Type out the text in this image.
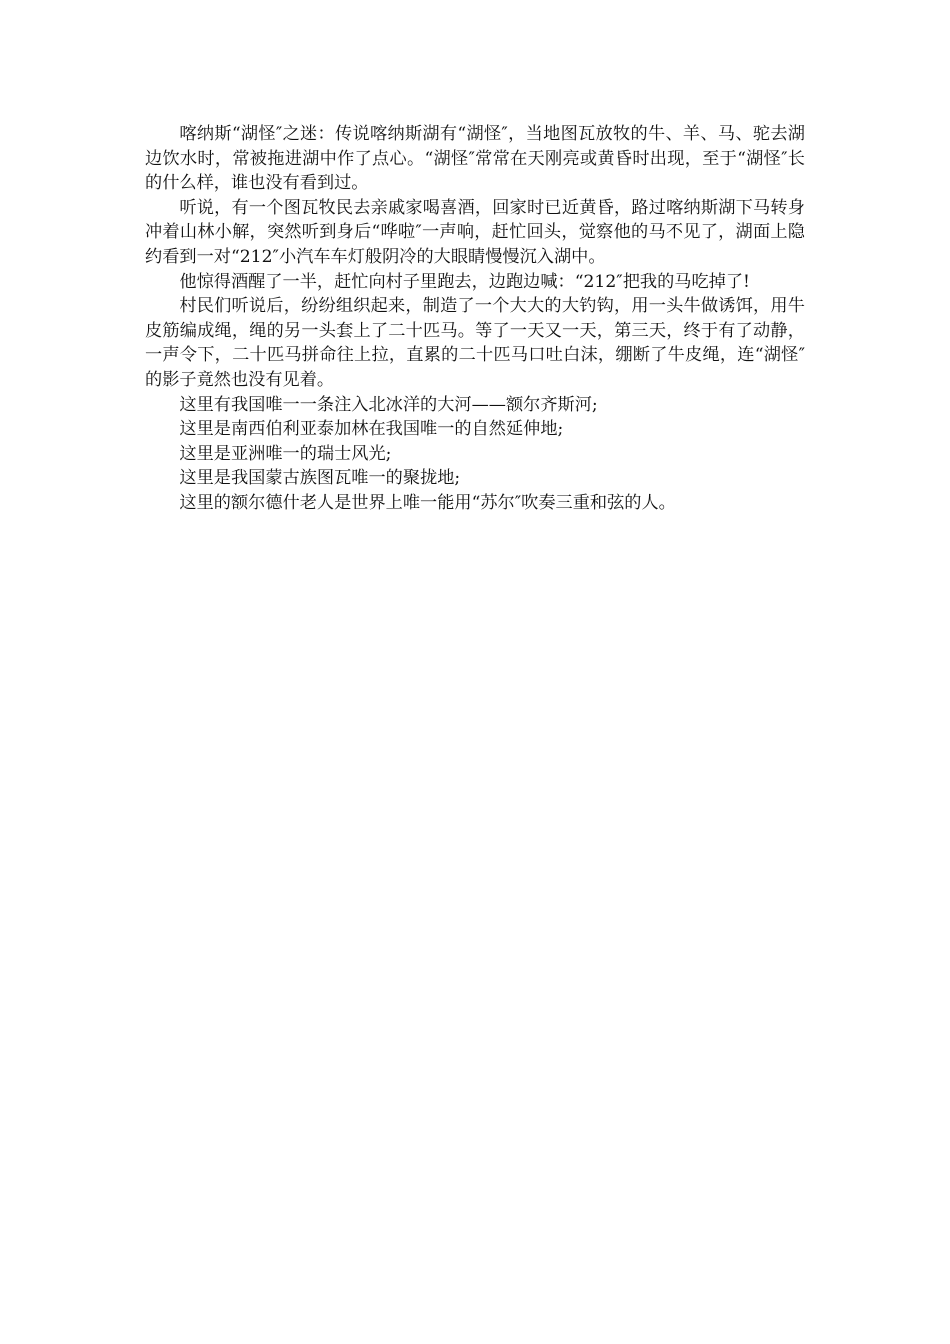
喀纳斯“湖怪″之迷：传说喀纳斯湖有“湖怪″，当地图瓦放牧的牛、羊、马、驼去湖边饮水时，常被拖进湖中作了点心。“湖怪″常常在天刚亮或黄昏时出现，至于“湖怪″长的什么样，谁也没有看到过。

听说，有一个图瓦牧民去亲戚家喝喜酒，回家时已近黄昏，路过喀纳斯湖下马转身冲着山林小解，突然听到身后“哗啦″一声响，赶忙回头，觉察他的马不见了，湖面上隐约看到一对“212″小汽车车灯般阴冷的大眼睛慢慢沉入湖中。

他惊得酒醒了一半，赶忙向村子里跑去，边跑边喊：“212″把我的马吃掉了!

村民们听说后，纷纷组织起来，制造了一个大大的大钓钩，用一头牛做诱饵，用牛皮筋编成绳，绳的另一头套上了二十匹马。等了一天又一天，第三天，终于有了动静，一声令下，二十匹马拼命往上拉，直累的二十匹马口吐白沫，绷断了牛皮绳，连“湖怪″的影子竟然也没有见着。

这里有我国唯一一条注入北冰洋的大河——额尔齐斯河;

这里是南西伯利亚泰加林在我国唯一的自然延伸地;

这里是亚洲唯一的瑞士风光;

这里是我国蒙古族图瓦唯一的聚拢地;

这里的额尔德什老人是世界上唯一能用“苏尔″吹奏三重和弦的人。
